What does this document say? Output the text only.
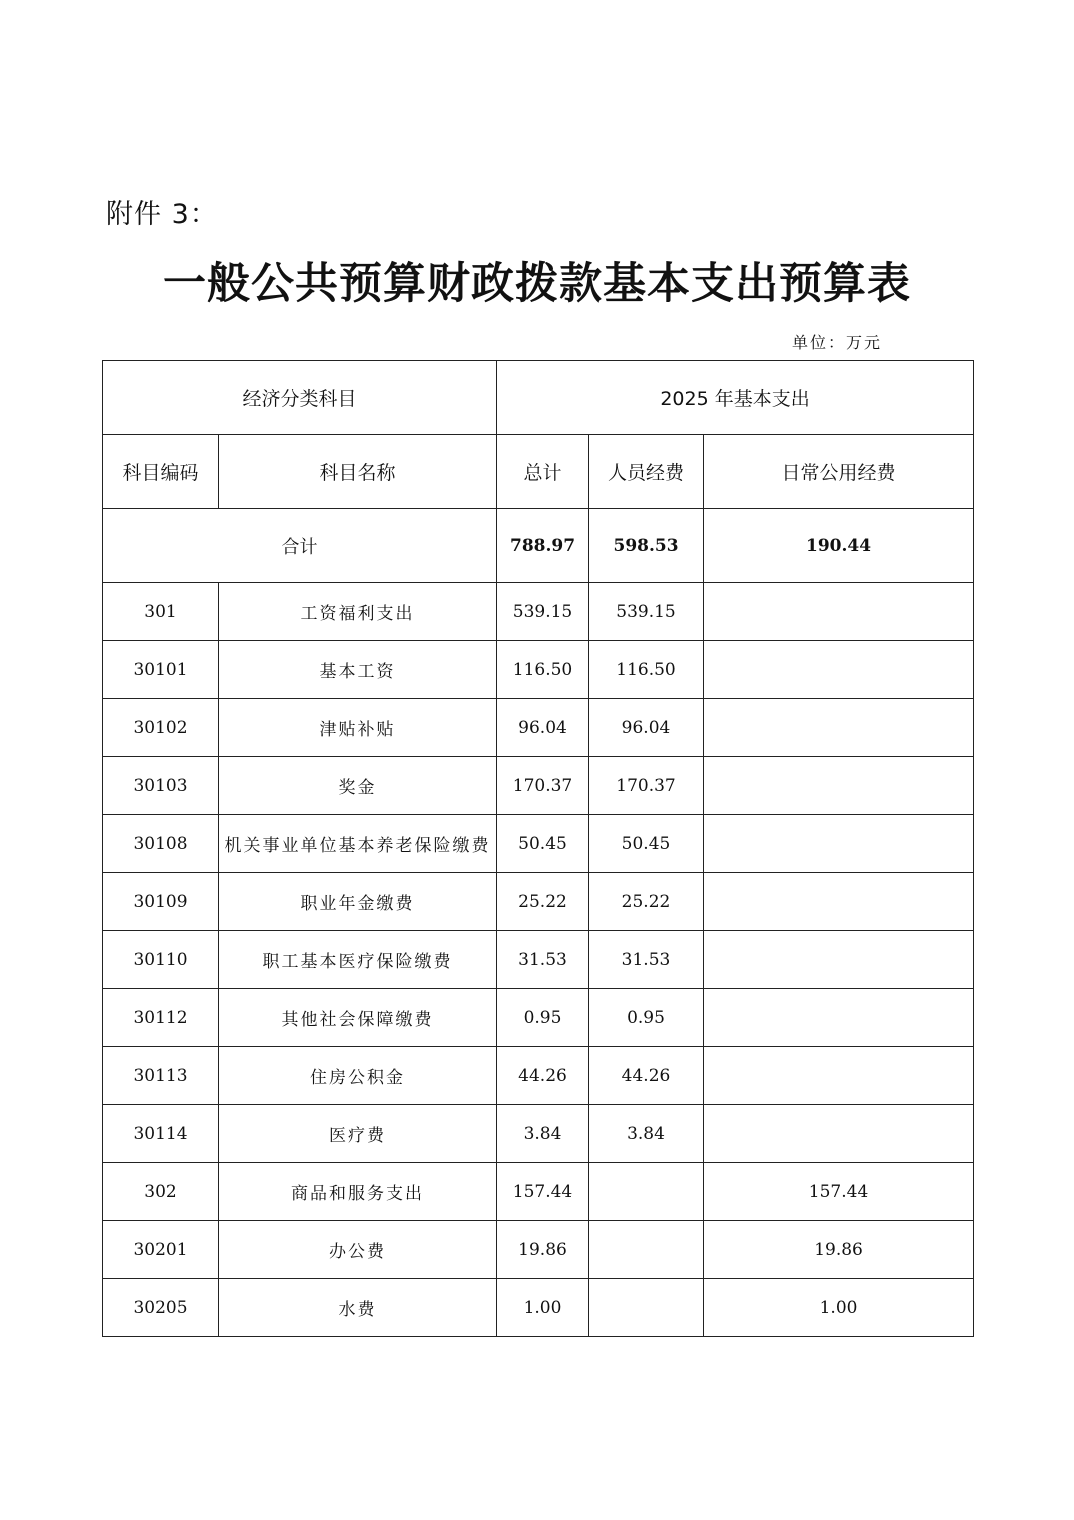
附件 3：
一般公共预算财政拨款基本支出预算表
单位：万元
经济分类科目		2025 年基本支出		
科目编码	科目名称	总计	人员经费	日常公用经费
合计		788.97	598.53	190.44
301	工资福利支出	539.15	539.15	
30101	基本工资	116.50	116.50	
30102	津贴补贴	96.04	96.04	
30103	奖金	170.37	170.37	
30108	机关事业单位基本养老保险缴费	50.45	50.45	
30109	职业年金缴费	25.22	25.22	
30110	职工基本医疗保险缴费	31.53	31.53	
30112	其他社会保障缴费	0.95	0.95	
30113	住房公积金	44.26	44.26	
30114	医疗费	3.84	3.84	
302	商品和服务支出	157.44		157.44
30201	办公费	19.86		19.86
30205	水费	1.00		1.00
